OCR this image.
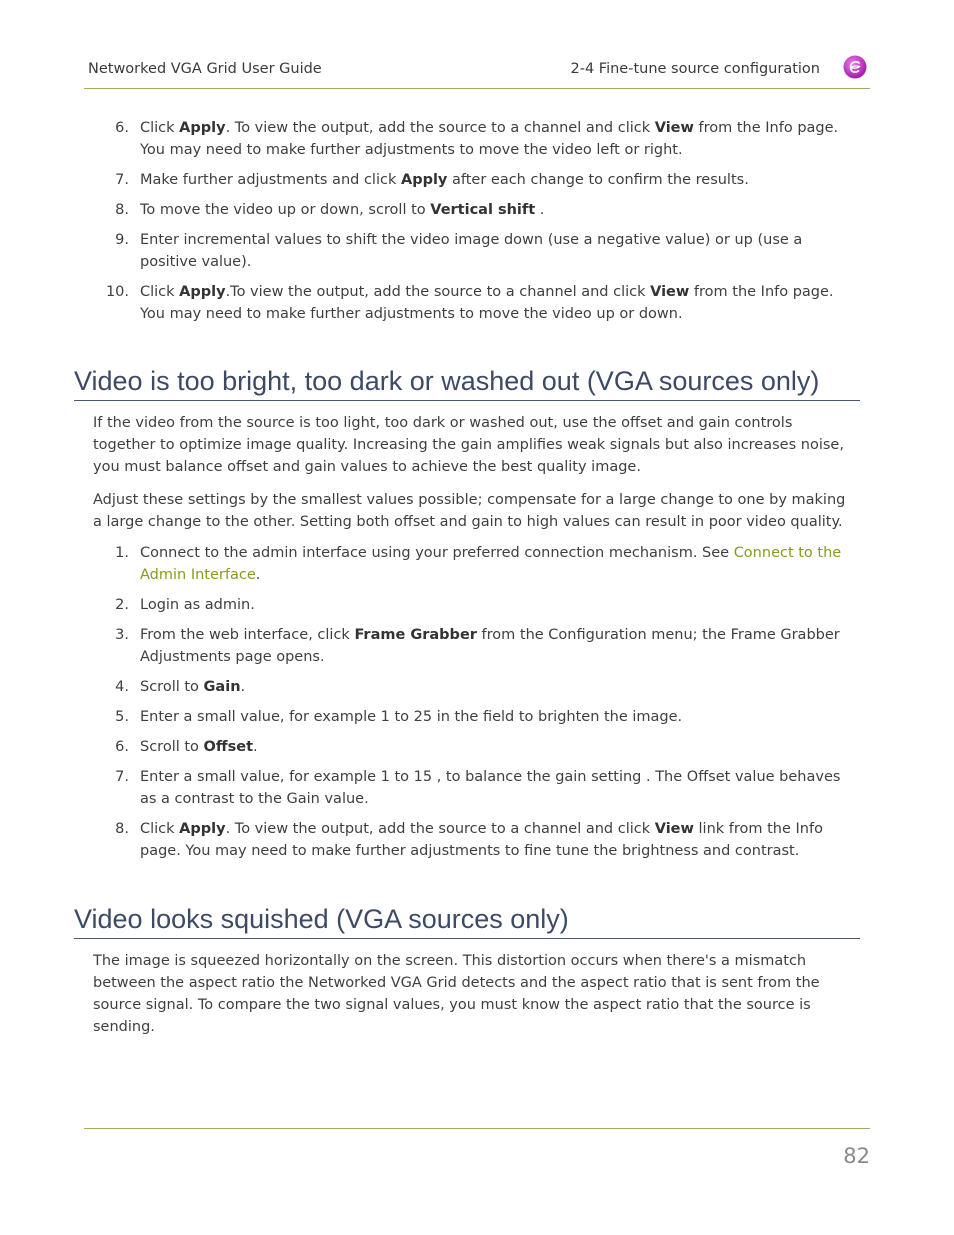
Networked VGA Grid User Guide	2-4 Fine-tune source configuration
6. Click Apply. To view the output, add the source to a channel and click View from the Info page. You may need to make further adjustments to move the video left or right.
7. Make further adjustments and click Apply after each change to confirm the results.
8. To move the video up or down, scroll to Vertical shift .
9. Enter incremental values to shift the video image down (use a negative value) or up (use a positive value).
10. Click Apply.To view the output, add the source to a channel and click View from the Info page. You may need to make further adjustments to move the video up or down.
Video is too bright, too dark or washed out (VGA sources only)

If the video from the source is too light, too dark or washed out, use the offset and gain controls together to optimize image quality. Increasing the gain amplifies weak signals but also increases noise, you must balance offset and gain values to achieve the best quality image.

Adjust these settings by the smallest values possible; compensate for a large change to one by making a large change to the other. Setting both offset and gain to high values can result in poor video quality.

1. Connect to the admin interface using your preferred connection mechanism. See Connect to the Admin Interface.
2. Login as admin.
3. From the web interface, click Frame Grabber from the Configuration menu; the Frame Grabber Adjustments page opens.
4. Scroll to Gain.
5. Enter a small value, for example 1 to 25 in the field to brighten the image.
6. Scroll to Offset.
7. Enter a small value, for example 1 to 15 , to balance the gain setting . The Offset value behaves as a contrast to the Gain value.
8. Click Apply. To view the output, add the source to a channel and click View link from the Info page. You may need to make further adjustments to fine tune the brightness and contrast.
Video looks squished (VGA sources only)

The image is squeezed horizontally on the screen. This distortion occurs when there's a mismatch between the aspect ratio the Networked VGA Grid detects and the aspect ratio that is sent from the source signal. To compare the two signal values, you must know the aspect ratio that the source is sending.

82
